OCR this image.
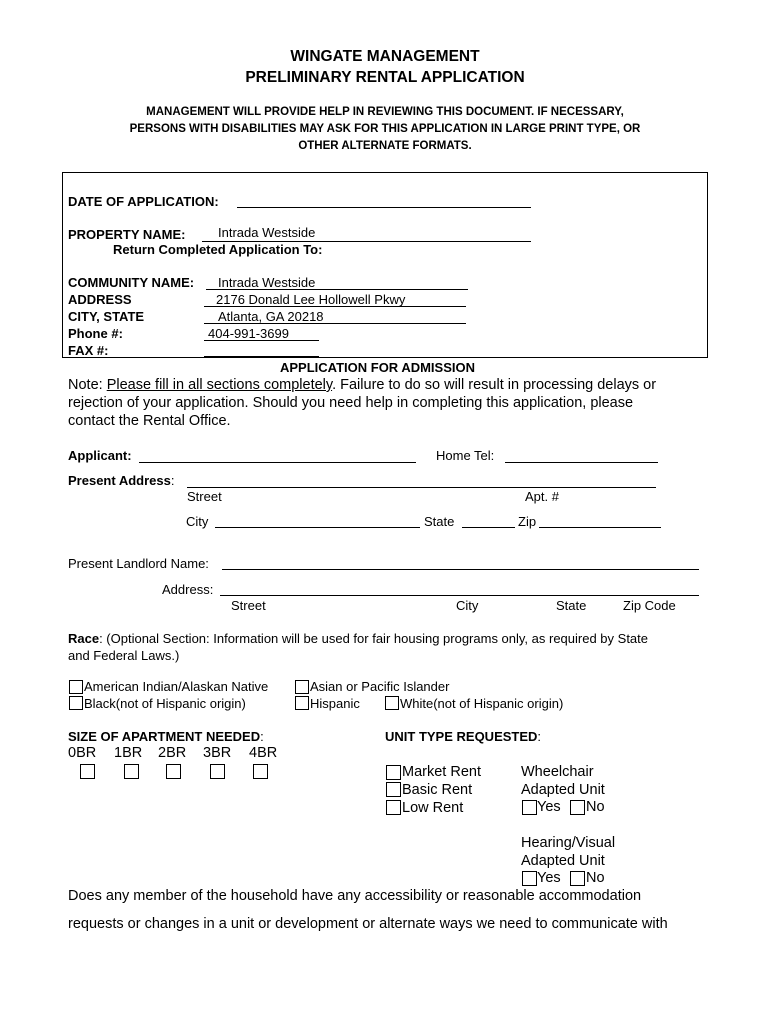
WINGATE MANAGEMENT
PRELIMINARY RENTAL APPLICATION
MANAGEMENT WILL PROVIDE HELP IN REVIEWING THIS DOCUMENT. IF NECESSARY,
PERSONS WITH DISABILITIES MAY ASK FOR THIS APPLICATION IN LARGE PRINT TYPE, OR
OTHER ALTERNATE FORMATS.
DATE OF APPLICATION:
PROPERTY NAME:	Intrada Westside
Return Completed Application To:
COMMUNITY NAME: Intrada Westside
ADDRESS	2176 Donald Lee Hollowell Pkwy
CITY, STATE	Atlanta, GA 20218
Phone #:	404-991-3699
FAX #:
APPLICATION FOR ADMISSION
Note: Please fill in all sections completely. Failure to do so will result in processing delays or
rejection of your application. Should you need help in completing this application, please
contact the Rental Office.
Applicant:	Home Tel:
Present Address:
Street	Apt. #
City	State	Zip
Present Landlord Name:
Address:
Street	City	State	Zip Code
Race: (Optional Section: Information will be used for fair housing programs only, as required by State
and Federal Laws.)
American Indian/Alaskan Native	Asian or Pacific Islander
Black(not of Hispanic origin)	Hispanic	White(not of Hispanic origin)
SIZE OF APARTMENT NEEDED:
0BR 1BR 2BR 3BR 4BR
UNIT TYPE REQUESTED:
Market Rent
Basic Rent
Low Rent
Wheelchair
Adapted Unit
Yes No
Hearing/Visual
Adapted Unit
Yes No
Does any member of the household have any accessibility or reasonable accommodation
requests or changes in a unit or development or alternate ways we need to communicate with
